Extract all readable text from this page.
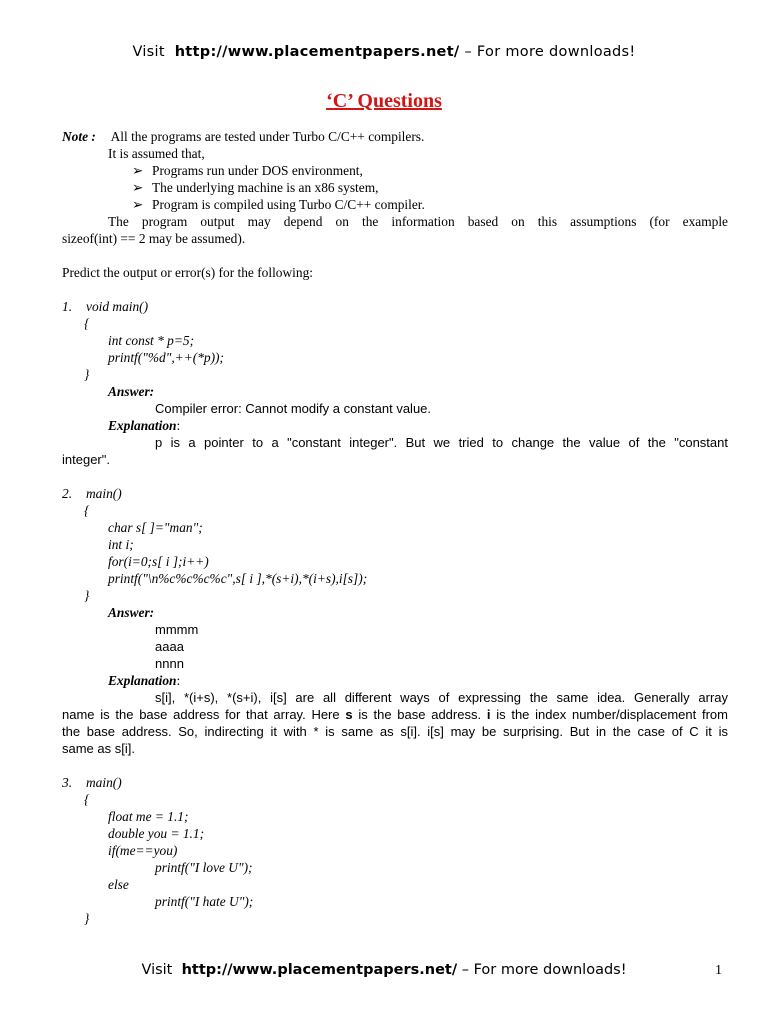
Visit http://www.placementpapers.net/ – For more downloads!
‘C’ Questions
Note : All the programs are tested under Turbo C/C++ compilers.
It is assumed that,
➢ Programs run under DOS environment,
➢ The underlying machine is an x86 system,
➢ Program is compiled using Turbo C/C++ compiler.
The program output may depend on the information based on this assumptions (for example
sizeof(int) == 2 may be assumed).
Predict the output or error(s) for the following:
1. void main()
{
int const * p=5;
printf("%d",++(*p));
}
Answer:
Compiler error: Cannot modify a constant value.
Explanation:
p is a pointer to a "constant integer". But we tried to change the value of the "constant
integer".
2. main()
{
char s[ ]="man";
int i;
for(i=0;s[ i ];i++)
printf("\n%c%c%c%c",s[ i ],*(s+i),*(i+s),i[s]);
}
Answer:
mmmm
aaaa
nnnn
Explanation:
s[i], *(i+s), *(s+i), i[s] are all different ways of expressing the same idea. Generally array
name is the base address for that array. Here s is the base address. i is the index number/displacement from
the base address. So, indirecting it with * is same as s[i]. i[s] may be surprising. But in the case of C it is
same as s[i].
3. main()
{
float me = 1.1;
double you = 1.1;
if(me==you)
printf("I love U");
else
printf("I hate U");
}
Visit http://www.placementpapers.net/ – For more downloads!	1
